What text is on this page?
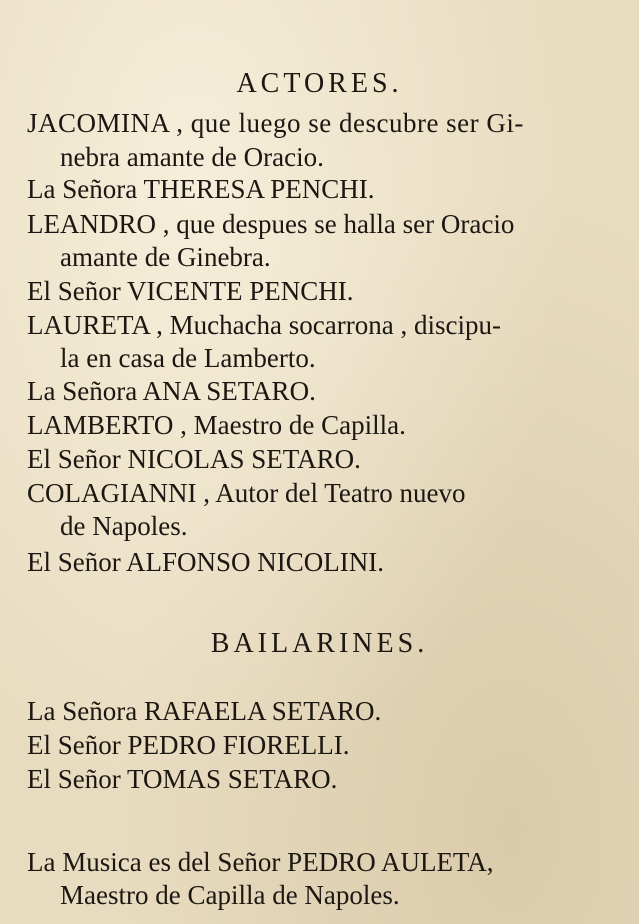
ACTORES.
JACOMINA , que luego se descubre ser Gi-
nebra amante de Oracio.
La Señora THERESA PENCHI.
LEANDRO , que despues se halla ser Oracio
amante de Ginebra.
El Señor VICENTE PENCHI.
LAURETA , Muchacha socarrona , discipu-
la en casa de Lamberto.
La Señora ANA SETARO.
LAMBERTO , Maestro de Capilla.
El Señor NICOLAS SETARO.
COLAGIANNI , Autor del Teatro nuevo
de Napoles.
El Señor ALFONSO NICOLINI.
BAILARINES.
La Señora RAFAELA SETARO.
El Señor PEDRO FIORELLI.
El Señor TOMAS SETARO.
La Musica es del Señor PEDRO AULETA,
Maestro de Capilla de Napoles.
